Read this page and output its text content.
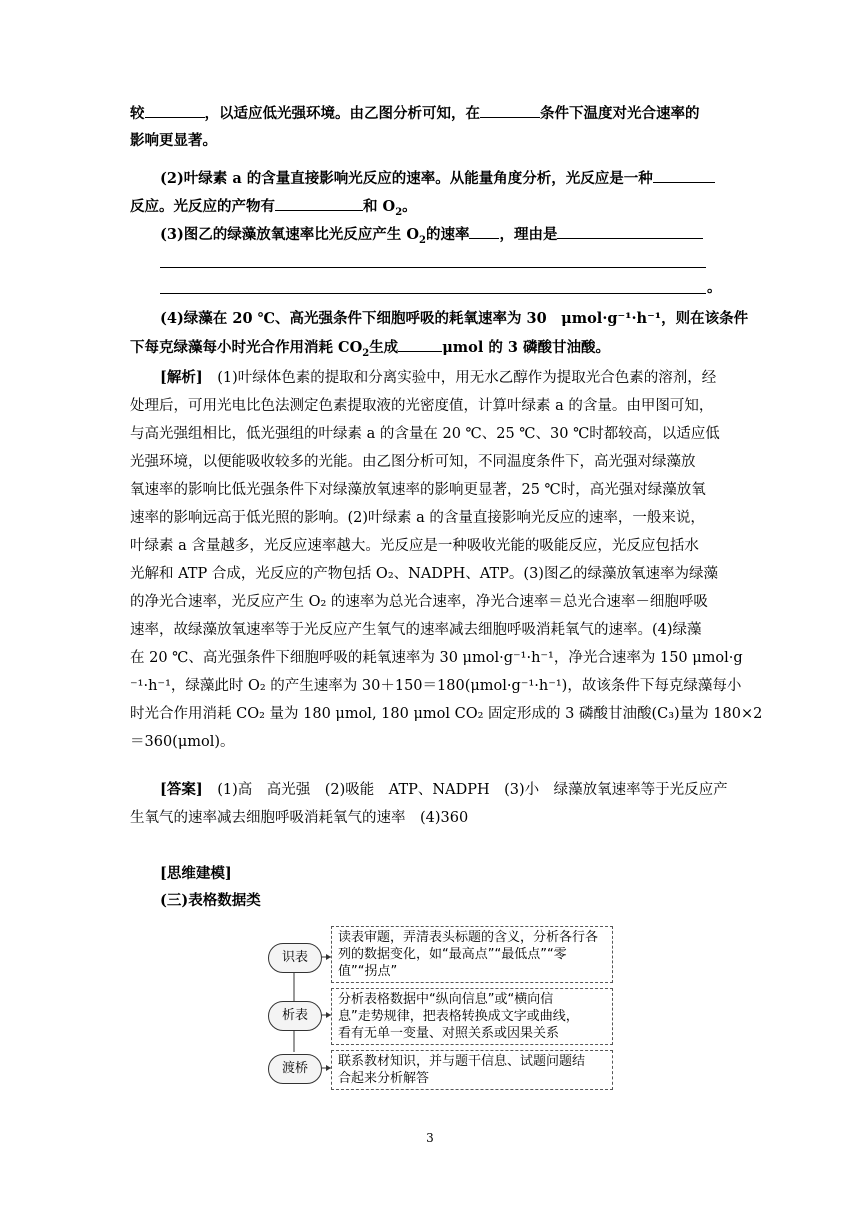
较	，以适应低光强环境。由乙图分析可知，在	条件下温度对光合速率的
影响更显著。
(2)叶绿素 a 的含量直接影响光反应的速率。从能量角度分析，光反应是一种
反应。光反应的产物有	和 $O_2$。
(3)图乙的绿藻放氧速率比光反应产生 $O_2$的速率 ，理由是
。
(4)绿藻在 20 ℃、高光强条件下细胞呼吸的耗氧速率为 30　μmol·g⁻¹·h⁻¹，则在该条件
下每克绿藻每小时光合作用消耗 $CO_2$生成	μmol 的 3 磷酸甘油酸。
[解析]　(1)叶绿体色素的提取和分离实验中，用无水乙醇作为提取光合色素的溶剂，经
处理后，可用光电比色法测定色素提取液的光密度值，计算叶绿素 a 的含量。由甲图可知，
与高光强组相比，低光强组的叶绿素 a 的含量在 20 ℃、25 ℃、30 ℃时都较高，以适应低
光强环境，以便能吸收较多的光能。由乙图分析可知，不同温度条件下，高光强对绿藻放
氧速率的影响比低光强条件下对绿藻放氧速率的影响更显著，25 ℃时，高光强对绿藻放氧
速率的影响远高于低光照的影响。(2)叶绿素 a 的含量直接影响光反应的速率，一般来说，
叶绿素 a 含量越多，光反应速率越大。光反应是一种吸收光能的吸能反应，光反应包括水
光解和 ATP 合成，光反应的产物包括 O₂、NADPH、ATP。(3)图乙的绿藻放氧速率为绿藻
的净光合速率，光反应产生 O₂ 的速率为总光合速率，净光合速率＝总光合速率－细胞呼吸
速率，故绿藻放氧速率等于光反应产生氧气的速率减去细胞呼吸消耗氧气的速率。(4)绿藻
在 20 ℃、高光强条件下细胞呼吸的耗氧速率为 30 μmol·g⁻¹·h⁻¹，净光合速率为 150 μmol·g
⁻¹·h⁻¹，绿藻此时 O₂ 的产生速率为 30＋150＝180(μmol·g⁻¹·h⁻¹)，故该条件下每克绿藻每小
时光合作用消耗 CO₂ 量为 180 μmol, 180 μmol CO₂ 固定形成的 3 磷酸甘油酸(C₃)量为 180×2
＝360(μmol)。
[答案]　(1)高　高光强　(2)吸能　ATP、NADPH　(3)小　绿藻放氧速率等于光反应产
生氧气的速率减去细胞呼吸消耗氧气的速率　(4)360
[思维建模]
(三)表格数据类
识表
析表
渡桥
读表审题，弄清表头标题的含义，分析各行各
列的数据变化，如“最高点”“最低点”“零
值”“拐点”
分析表格数据中“纵向信息”或“横向信
息”走势规律，把表格转换成文字或曲线，
看有无单一变量、对照关系或因果关系
联系教材知识，并与题干信息、试题问题结
合起来分析解答
3
